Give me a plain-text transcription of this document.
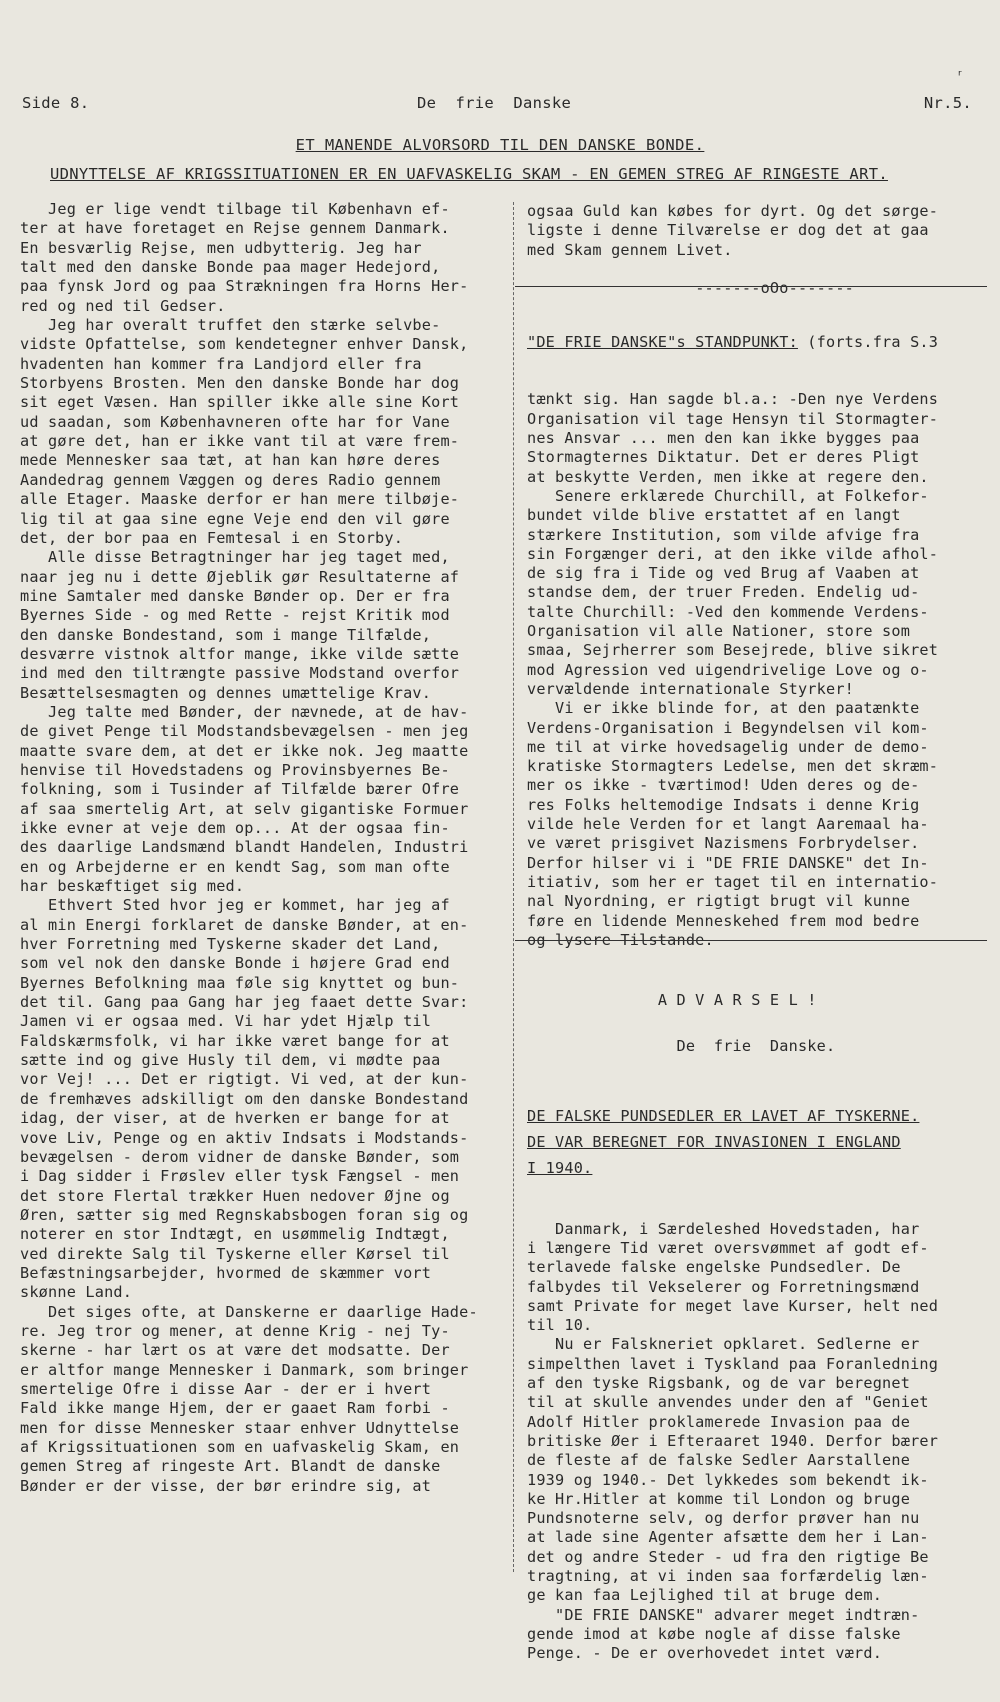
ʳ
Side 8.	De  frie  Danske	Nr.5.
ET MANENDE ALVORSORD TIL DEN DANSKE BONDE.
UDNYTTELSE AF KRIGSSITUATIONEN ER EN UAFVASKELIG SKAM - EN GEMEN STREG AF RINGESTE ART.
Jeg er lige vendt tilbage til København ef-
ter at have foretaget en Rejse gennem Danmark.
En besværlig Rejse, men udbytterig. Jeg har
talt med den danske Bonde paa mager Hedejord,
paa fynsk Jord og paa Strækningen fra Horns Her-
red og ned til Gedser.
Jeg har overalt truffet den stærke selvbe-
vidste Opfattelse, som kendetegner enhver Dansk,
hvadenten han kommer fra Landjord eller fra
Storbyens Brosten. Men den danske Bonde har dog
sit eget Væsen. Han spiller ikke alle sine Kort
ud saadan, som Københavneren ofte har for Vane
at gøre det, han er ikke vant til at være frem-
mede Mennesker saa tæt, at han kan høre deres
Aandedrag gennem Væggen og deres Radio gennem
alle Etager. Maaske derfor er han mere tilbøje-
lig til at gaa sine egne Veje end den vil gøre
det, der bor paa en Femtesal i en Storby.
Alle disse Betragtninger har jeg taget med,
naar jeg nu i dette Øjeblik gør Resultaterne af
mine Samtaler med danske Bønder op. Der er fra
Byernes Side - og med Rette - rejst Kritik mod
den danske Bondestand, som i mange Tilfælde,
desværre vistnok altfor mange, ikke vilde sætte
ind med den tiltrængte passive Modstand overfor
Besættelsesmagten og dennes umættelige Krav.
Jeg talte med Bønder, der nævnede, at de hav-
de givet Penge til Modstandsbevægelsen - men jeg
maatte svare dem, at det er ikke nok. Jeg maatte
henvise til Hovedstadens og Provinsbyernes Be-
folkning, som i Tusinder af Tilfælde bærer Ofre
af saa smertelig Art, at selv gigantiske Formuer
ikke evner at veje dem op... At der ogsaa fin-
des daarlige Landsmænd blandt Handelen, Industri
en og Arbejderne er en kendt Sag, som man ofte
har beskæftiget sig med.
Ethvert Sted hvor jeg er kommet, har jeg af
al min Energi forklaret de danske Bønder, at en-
hver Forretning med Tyskerne skader det Land,
som vel nok den danske Bonde i højere Grad end
Byernes Befolkning maa føle sig knyttet og bun-
det til. Gang paa Gang har jeg faaet dette Svar:
Jamen vi er ogsaa med. Vi har ydet Hjælp til
Faldskærmsfolk, vi har ikke været bange for at
sætte ind og give Husly til dem, vi mødte paa
vor Vej! ... Det er rigtigt. Vi ved, at der kun-
de fremhæves adskilligt om den danske Bondestand
idag, der viser, at de hverken er bange for at
vove Liv, Penge og en aktiv Indsats i Modstands-
bevægelsen - derom vidner de danske Bønder, som
i Dag sidder i Frøslev eller tysk Fængsel - men
det store Flertal trækker Huen nedover Øjne og
Øren, sætter sig med Regnskabsbogen foran sig og
noterer en stor Indtægt, en usømmelig Indtægt,
ved direkte Salg til Tyskerne eller Kørsel til
Befæstningsarbejder, hvormed de skæmmer vort
skønne Land.
Det siges ofte, at Danskerne er daarlige Hade-
re. Jeg tror og mener, at denne Krig - nej Ty-
skerne - har lært os at være det modsatte. Der
er altfor mange Mennesker i Danmark, som bringer
smertelige Ofre i disse Aar - der er i hvert
Fald ikke mange Hjem, der er gaaet Ram forbi -
men for disse Mennesker staar enhver Udnyttelse
af Krigssituationen som en uafvaskelig Skam, en
gemen Streg af ringeste Art. Blandt de danske
Bønder er der visse, der bør erindre sig, at

ogsaa Guld kan købes for dyrt. Og det sørge-
ligste i denne Tilværelse er dog det at gaa
med Skam gennem Livet.

-------oOo-------

"DE FRIE DANSKE"s STANDPUNKT: (forts.fra S.3

tænkt sig. Han sagde bl.a.: -Den nye Verdens
Organisation vil tage Hensyn til Stormagter-
nes Ansvar ... men den kan ikke bygges paa
Stormagternes Diktatur. Det er deres Pligt
at beskytte Verden, men ikke at regere den.
Senere erklærede Churchill, at Folkefor-
bundet vilde blive erstattet af en langt
stærkere Institution, som vilde afvige fra
sin Forgænger deri, at den ikke vilde afhol-
de sig fra i Tide og ved Brug af Vaaben at
standse dem, der truer Freden. Endelig ud-
talte Churchill: -Ved den kommende Verdens-
Organisation vil alle Nationer, store som
smaa, Sejrherrer som Besejrede, blive sikret
mod Agression ved uigendrivelige Love og o-
vervældende internationale Styrker!
Vi er ikke blinde for, at den paatænkte
Verdens-Organisation i Begyndelsen vil kom-
me til at virke hovedsagelig under de demo-
kratiske Stormagters Ledelse, men det skræm-
mer os ikke - tværtimod! Uden deres og de-
res Folks heltemodige Indsats i denne Krig
vilde hele Verden for et langt Aaremaal ha-
ve været prisgivet Nazismens Forbrydelser.
Derfor hilser vi i "DE FRIE DANSKE" det In-
itiativ, som her er taget til en internatio-
nal Nyordning, er rigtigt brugt vil kunne
føre en lidende Menneskehed frem mod bedre
og lysere Tilstande.

De  frie  Danske.

A D V A R S E L !

DE FALSKE PUNDSEDLER ER LAVET AF TYSKERNE.
DE VAR BEREGNET FOR INVASIONEN I ENGLAND
I 1940.

Danmark, i Særdeleshed Hovedstaden, har
i længere Tid været oversvømmet af godt ef-
terlavede falske engelske Pundsedler. De
falbydes til Vekselerer og Forretningsmænd
samt Private for meget lave Kurser, helt ned
til 10.
Nu er Falskneriet opklaret. Sedlerne er
simpelthen lavet i Tyskland paa Foranledning
af den tyske Rigsbank, og de var beregnet
til at skulle anvendes under den af "Geniet
Adolf Hitler proklamerede Invasion paa de
britiske Øer i Efteraaret 1940. Derfor bærer
de fleste af de falske Sedler Aarstallene
1939 og 1940.- Det lykkedes som bekendt ik-
ke Hr.Hitler at komme til London og bruge
Pundsnoterne selv, og derfor prøver han nu
at lade sine Agenter afsætte dem her i Lan-
det og andre Steder - ud fra den rigtige Be
tragtning, at vi inden saa forfærdelig læn-
ge kan faa Lejlighed til at bruge dem.
"DE FRIE DANSKE" advarer meget indtræn-
gende imod at købe nogle af disse falske
Penge. - De er overhovedet intet værd.
